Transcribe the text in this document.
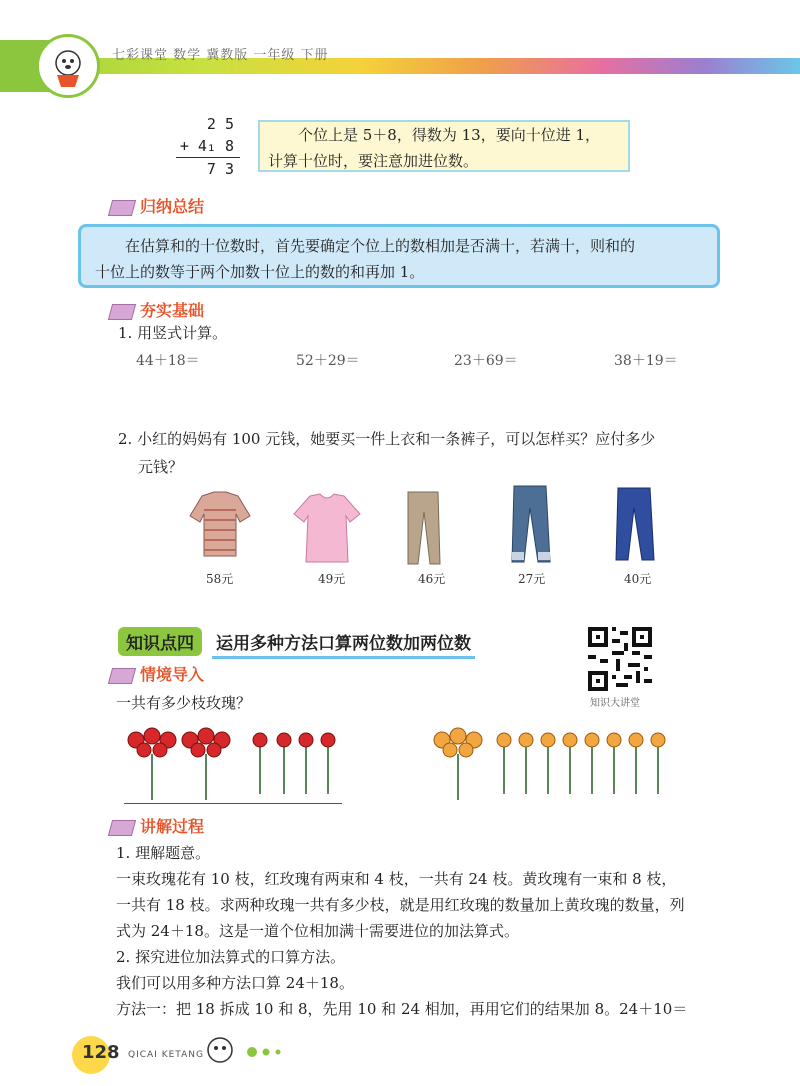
七彩课堂 数学 冀教版 一年级 下册
2 5
+ 4₁ 8
7 3
个位上是 5＋8，得数为 13，要向十位进 1，
计算十位时，要注意加进位数。
归纳总结
在估算和的十位数时，首先要确定个位上的数相加是否满十，若满十，则和的
十位上的数等于两个加数十位上的数的和再加 1。
夯实基础
1. 用竖式计算。
44＋18＝	52＋29＝	23＋69＝	38＋19＝
2. 小红的妈妈有 100 元钱，她要买一件上衣和一条裤子，可以怎样买？应付多少
元钱？
58元	49元	46元	27元	40元
知识点四	运用多种方法口算两位数加两位数
知识大讲堂
情境导入
一共有多少枝玫瑰？
讲解过程
1. 理解题意。
一束玫瑰花有 10 枝，红玫瑰有两束和 4 枝，一共有 24 枝。黄玫瑰有一束和 8 枝，
一共有 18 枝。求两种玫瑰一共有多少枝，就是用红玫瑰的数量加上黄玫瑰的数量，列
式为 24＋18。这是一道个位相加满十需要进位的加法算式。
2. 探究进位加法算式的口算方法。
我们可以用多种方法口算 24＋18。
方法一：把 18 拆成 10 和 8，先用 10 和 24 相加，再用它们的结果加 8。24＋10＝
128 QICAI KETANG
